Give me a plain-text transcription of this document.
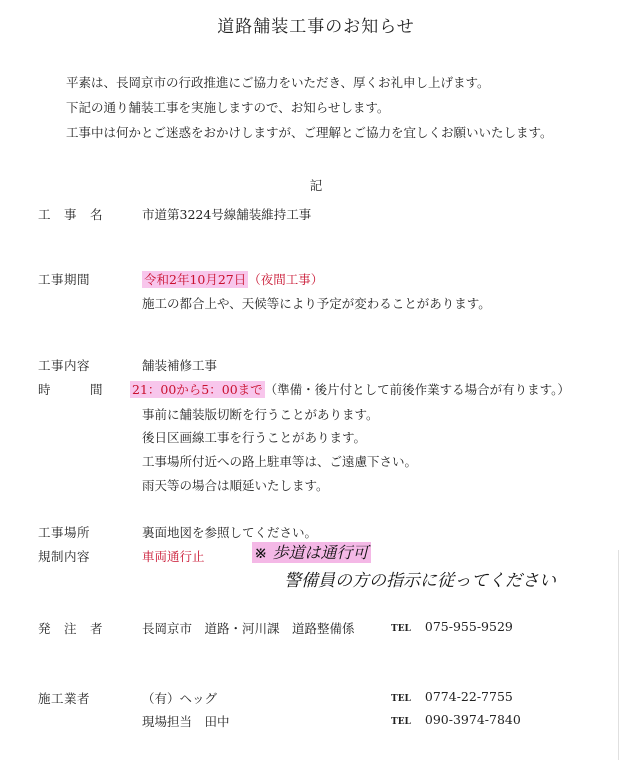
道路舗装工事のお知らせ
平素は、長岡京市の行政推進にご協力をいただき、厚くお礼申し上げます。
下記の通り舗装工事を実施しますので、お知らせします。
工事中は何かとご迷惑をおかけしますが、ご理解とご協力を宜しくお願いいたします。
記
工　事　名	市道第3224号線舗装維持工事
工事期間	令和2年10月27日 （夜間工事）
施工の都合上や、天候等により予定が変わることがあります。
工事内容	舗装補修工事
時　　　間 21：00から5：00まで （準備・後片付として前後作業する場合が有ります。）
事前に舗装版切断を行うことがあります。
後日区画線工事を行うことがあります。
工事場所付近への路上駐車等は、ご遠慮下さい。
雨天等の場合は順延いたします。
工事場所	裏面地図を参照してください。
規制内容	車両通行止	※ 歩道は通行可
警備員の方の指示に従ってください
発　注　者	長岡京市　道路・河川課　道路整備係	TEL 075-955-9529
施工業者	（有）ヘッグ	TEL 0774-22-7755
現場担当　田中	TEL 090-3974-7840
